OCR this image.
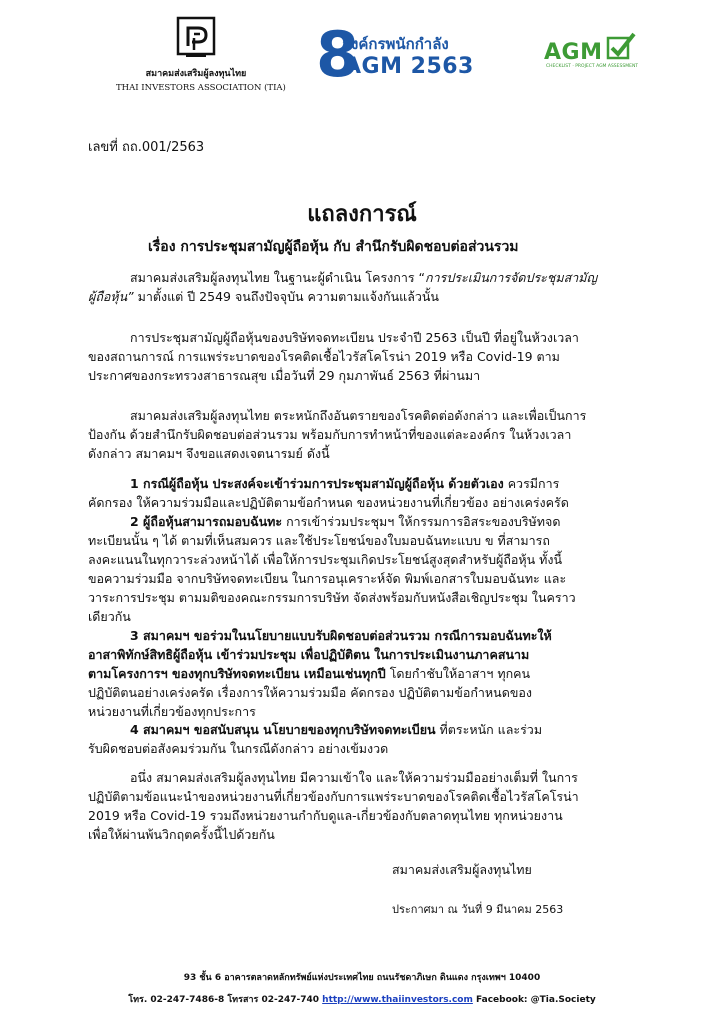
สมาคมส่งเสริมผู้ลงทุนไทย
THAI INVESTORS ASSOCIATION (TIA) 8
องค์กรพนักกำลัง
AGM 2563
AGM
CHECKLIST · PROJECT AGM ASSESSMENT
เลขที่ ถถ.001/2563
แถลงการณ์
เรื่อง การประชุมสามัญผู้ถือหุ้น กับ สำนึกรับผิดชอบต่อส่วนรวม
สมาคมส่งเสริมผู้ลงทุนไทย ในฐานะผู้ดำเนิน โครงการ “การประเมินการจัดประชุมสามัญ
ผู้ถือหุ้น” มาตั้งแต่ ปี 2549 จนถึงปัจจุบัน ความตามแจ้งกันแล้วนั้น
การประชุมสามัญผู้ถือหุ้นของบริษัทจดทะเบียน ประจำปี 2563 เป็นปี ที่อยู่ในห้วงเวลา
ของสถานการณ์ การแพร่ระบาดของโรคติดเชื้อไวรัสโคโรน่า 2019 หรือ Covid-19 ตาม
ประกาศของกระทรวงสาธารณสุข เมื่อวันที่ 29 กุมภาพันธ์ 2563 ที่ผ่านมา
สมาคมส่งเสริมผู้ลงทุนไทย ตระหนักถึงอันตรายของโรคติดต่อดังกล่าว และเพื่อเป็นการ
ป้องกัน ด้วยสำนึกรับผิดชอบต่อส่วนรวม พร้อมกับการทำหน้าที่ของแต่ละองค์กร ในห้วงเวลา
ดังกล่าว สมาคมฯ จึงขอแสดงเจตนารมย์ ดังนี้
1 กรณีผู้ถือหุ้น ประสงค์จะเข้าร่วมการประชุมสามัญผู้ถือหุ้น ด้วยตัวเอง ควรมีการ
คัดกรอง ให้ความร่วมมือและปฏิบัติตามข้อกำหนด ของหน่วยงานที่เกี่ยวข้อง อย่างเคร่งครัด
2 ผู้ถือหุ้นสามารถมอบฉันทะ การเข้าร่วมประชุมฯ ให้กรรมการอิสระของบริษัทจด
ทะเบียนนั้น ๆ ได้ ตามที่เห็นสมควร และใช้ประโยชน์ของใบมอบฉันทะแบบ ข ที่สามารถ
ลงคะแนนในทุกวาระล่วงหน้าได้ เพื่อให้การประชุมเกิดประโยชน์สูงสุดสำหรับผู้ถือหุ้น ทั้งนี้
ขอความร่วมมือ จากบริษัทจดทะเบียน ในการอนุเคราะห์จัด พิมพ์เอกสารใบมอบฉันทะ และ
วาระการประชุม ตามมติของคณะกรรมการบริษัท จัดส่งพร้อมกับหนังสือเชิญประชุม ในคราว
เดียวกัน
3 สมาคมฯ ขอร่วมในนโยบายแบบรับผิดชอบต่อส่วนรวม กรณีการมอบฉันทะให้
อาสาพิทักษ์สิทธิผู้ถือหุ้น เข้าร่วมประชุม เพื่อปฏิบัติตน ในการประเมินงานภาคสนาม
ตามโครงการฯ ของทุกบริษัทจดทะเบียน เหมือนเช่นทุกปี โดยกำชับให้อาสาฯ ทุกคน
ปฏิบัติตนอย่างเคร่งครัด เรื่องการให้ความร่วมมือ คัดกรอง ปฏิบัติตามข้อกำหนดของ
หน่วยงานที่เกี่ยวข้องทุกประการ
4 สมาคมฯ ขอสนับสนุน นโยบายของทุกบริษัทจดทะเบียน ที่ตระหนัก และร่วม
รับผิดชอบต่อสังคมร่วมกัน ในกรณีดังกล่าว อย่างเข้มงวด
อนึ่ง สมาคมส่งเสริมผู้ลงทุนไทย มีความเข้าใจ และให้ความร่วมมืออย่างเต็มที่ ในการ
ปฏิบัติตามข้อแนะนำของหน่วยงานที่เกี่ยวข้องกับการแพร่ระบาดของโรคติดเชื้อไวรัสโคโรน่า
2019 หรือ Covid-19 รวมถึงหน่วยงานกำกับดูแล-เกี่ยวข้องกับตลาดทุนไทย ทุกหน่วยงาน
เพื่อให้ผ่านพ้นวิกฤตครั้งนี้ไปด้วยกัน
สมาคมส่งเสริมผู้ลงทุนไทย
ประกาศมา ณ วันที่ 9 มีนาคม 2563
93 ชั้น 6 อาคารตลาดหลักทรัพย์แห่งประเทศไทย ถนนรัชดาภิเษก ดินแดง กรุงเทพฯ 10400
โทร. 02-247-7486-8 โทรสาร 02-247-740 http://www.thaiinvestors.com Facebook: @Tia.Society
